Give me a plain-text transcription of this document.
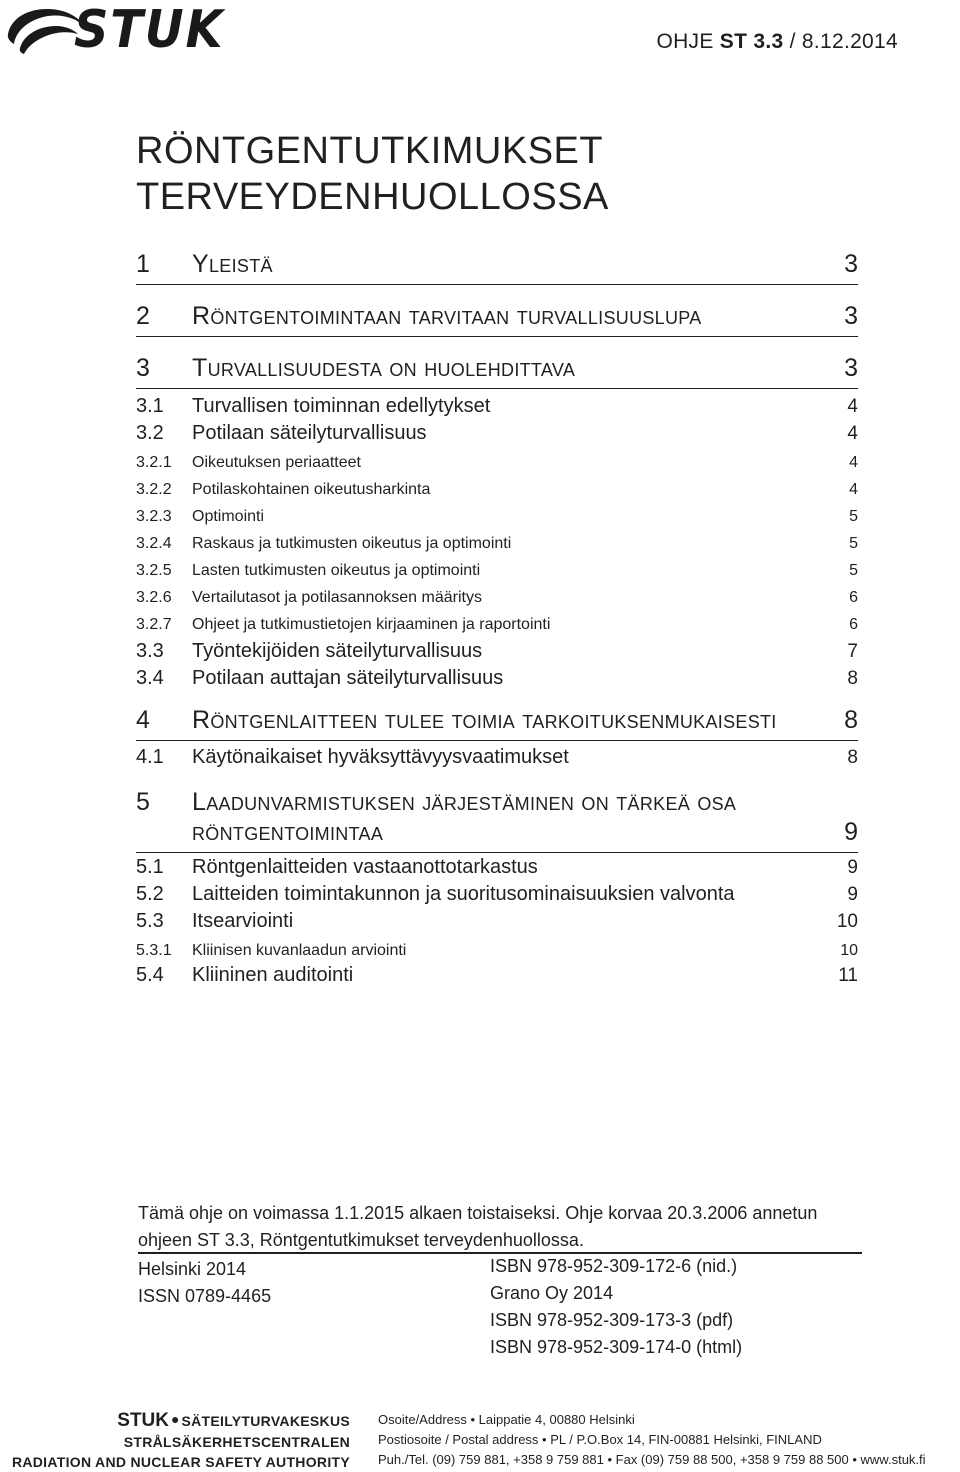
STUK	OHJE ST 3.3 / 8.12.2014
RÖNTGENTUTKIMUKSET
TERVEYDENHUOLLOSSA
1	Yleistä	3
2	Röntgentoimintaan tarvitaan turvallisuuslupa	3
3	Turvallisuudesta on huolehdittava	3
3.1	Turvallisen toiminnan edellytykset	4
3.2	Potilaan säteilyturvallisuus	4
3.2.1	Oikeutuksen periaatteet	4
3.2.2	Potilaskohtainen oikeutusharkinta	4
3.2.3	Optimointi	5
3.2.4	Raskaus ja tutkimusten oikeutus ja optimointi	5
3.2.5	Lasten tutkimusten oikeutus ja optimointi	5
3.2.6	Vertailutasot ja potilasannoksen määritys	6
3.2.7	Ohjeet ja tutkimustietojen kirjaaminen ja raportointi	6
3.3	Työntekijöiden säteilyturvallisuus	7
3.4	Potilaan auttajan säteilyturvallisuus	8
4	Röntgenlaitteen tulee toimia tarkoituksenmukaisesti	8
4.1	Käytönaikaiset hyväksyttävyysvaatimukset	8
5	Laadunvarmistuksen järjestäminen on tärkeä osa
röntgentoimintaa	9
5.1	Röntgenlaitteiden vastaanottotarkastus	9
5.2	Laitteiden toimintakunnon ja suoritusominaisuuksien valvonta	9
5.3	Itsearviointi	10
5.3.1	Kliinisen kuvanlaadun arviointi	10
5.4	Kliininen auditointi	11
Tämä ohje on voimassa 1.1.2015 alkaen toistaiseksi. Ohje korvaa 20.3.2006 annetun ohjeen ST 3.3, Röntgentutkimukset terveydenhuollossa.
Helsinki 2014
ISSN 0789-4465
ISBN 978-952-309-172-6 (nid.)
Grano Oy 2014
ISBN 978-952-309-173-3 (pdf)
ISBN 978-952-309-174-0 (html)
STUK ● SÄTEILYTURVAKESKUS
STRÅLSÄKERHETSCENTRALEN
RADIATION AND NUCLEAR SAFETY AUTHORITY
Osoite/Address • Laippatie 4, 00880 Helsinki
Postiosoite / Postal address • PL / P.O.Box 14, FIN-00881 Helsinki, FINLAND
Puh./Tel. (09) 759 881, +358 9 759 881 • Fax (09) 759 88 500, +358 9 759 88 500 • www.stuk.fi
